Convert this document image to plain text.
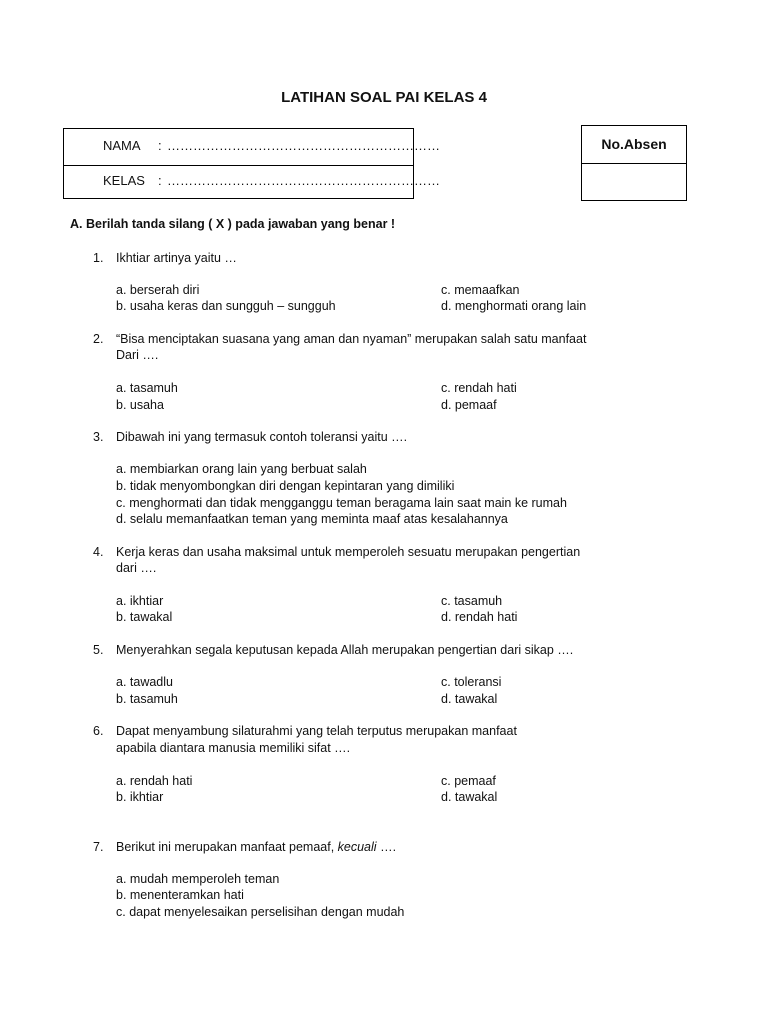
LATIHAN SOAL PAI KELAS 4
NAMA : ………………………………………………………
KELAS : ………………………………………………………
No.Absen
A. Berilah tanda silang ( X ) pada jawaban yang benar !
1. Ikhtiar artinya yaitu …
a. berserah diri
b. usaha keras dan sungguh – sungguh
c. memaafkan
d. menghormati orang lain
2. “Bisa menciptakan suasana yang aman dan nyaman” merupakan salah satu manfaat
Dari ….
a. tasamuh
b. usaha
c. rendah hati
d. pemaaf
3. Dibawah ini yang termasuk contoh toleransi yaitu ….
a. membiarkan orang lain yang berbuat salah
b. tidak menyombongkan diri dengan kepintaran yang dimiliki
c. menghormati dan tidak mengganggu teman beragama lain saat main ke rumah
d. selalu memanfaatkan teman yang meminta maaf atas kesalahannya
4. Kerja keras dan usaha maksimal untuk memperoleh sesuatu merupakan pengertian
dari ….
a. ikhtiar
b. tawakal
c. tasamuh
d. rendah hati
5. Menyerahkan segala keputusan kepada Allah merupakan pengertian dari sikap ….
a. tawadlu
b. tasamuh
c. toleransi
d. tawakal
6. Dapat menyambung silaturahmi yang telah terputus merupakan manfaat
apabila diantara manusia memiliki sifat ….
a. rendah hati
b. ikhtiar
c. pemaaf
d. tawakal
7. Berikut ini merupakan manfaat pemaaf, kecuali ….
a. mudah memperoleh teman
b. menenteramkan hati
c. dapat menyelesaikan perselisihan dengan mudah
